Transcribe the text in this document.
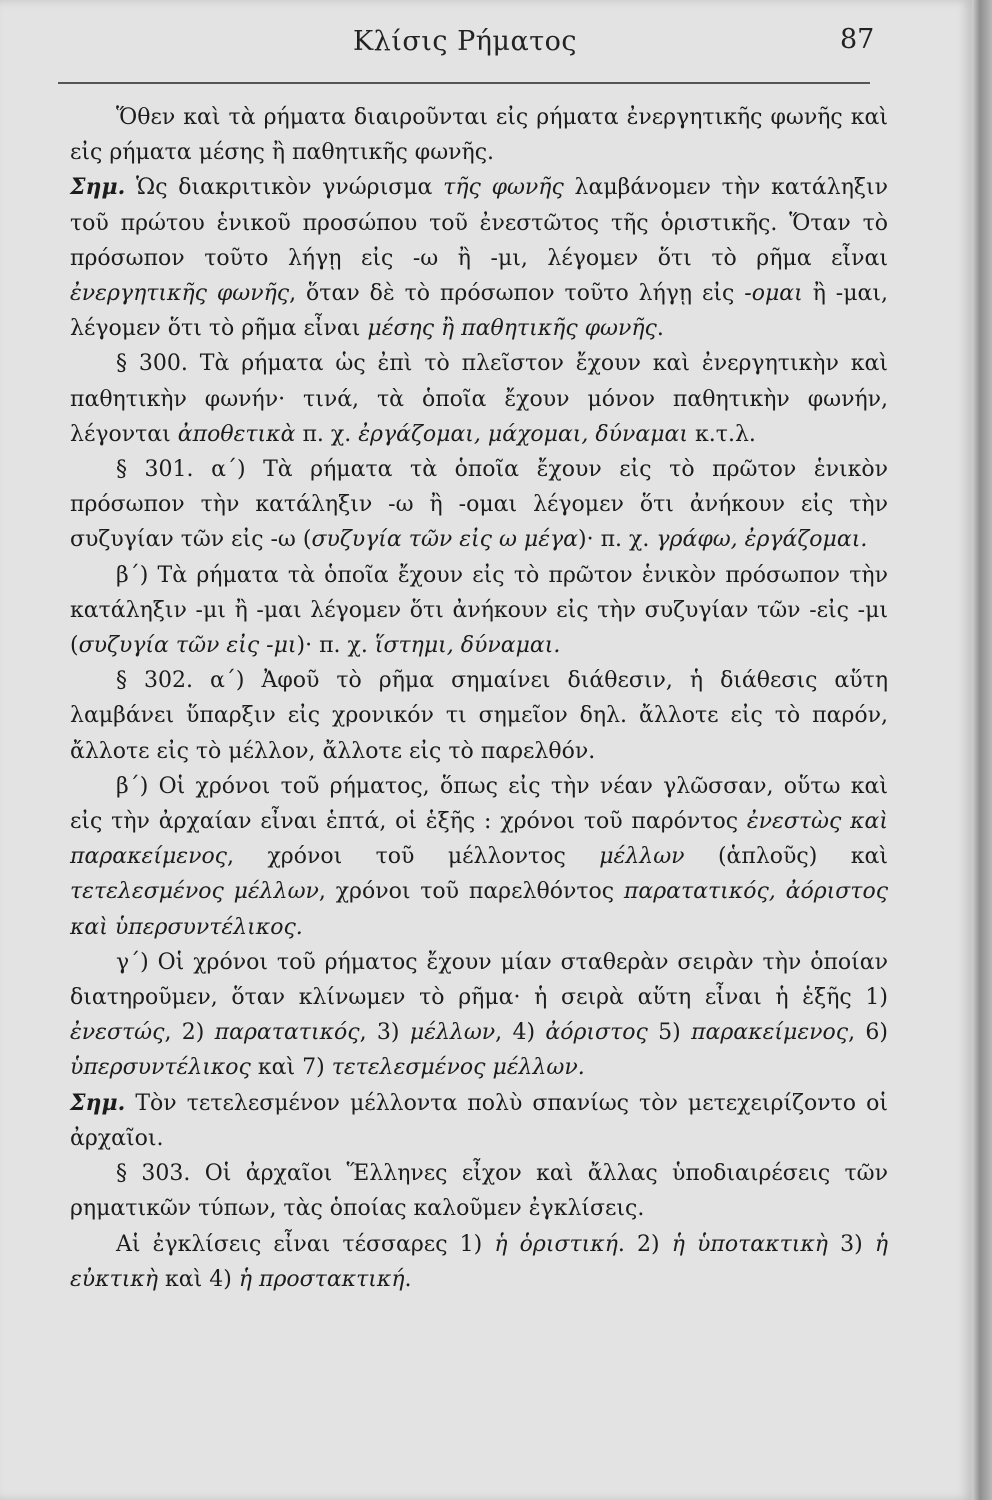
Κλίσις Ρήματος	87

Ὅθεν καὶ τὰ ρήματα διαιροῦνται εἰς ρήματα ἐνεργητικῆς φωνῆς καὶ εἰς ρήματα μέσης ἢ παθητικῆς φωνῆς.

Σημ. Ὡς διακριτικὸν γνώρισμα τῆς φωνῆς λαμβάνομεν τὴν κατάληξιν τοῦ πρώτου ἑνικοῦ προσώπου τοῦ ἐνεστῶτος τῆς ὁριστικῆς. Ὅταν τὸ πρόσωπον τοῦτο λήγῃ εἰς -ω ἢ -μι, λέγομεν ὅτι τὸ ρῆμα εἶναι ἐνεργητικῆς φωνῆς, ὅταν δὲ τὸ πρόσωπον τοῦτο λήγῃ εἰς -ομαι ἢ -μαι, λέγομεν ὅτι τὸ ρῆμα εἶναι μέσης ἢ παθητικῆς φωνῆς.

§ 300. Τὰ ρήματα ὡς ἐπὶ τὸ πλεῖστον ἔχουν καὶ ἐνεργητικὴν καὶ παθητικὴν φωνήν· τινά, τὰ ὁποῖα ἔχουν μόνον παθητικὴν φωνήν, λέγονται ἀποθετικὰ π. χ. ἐργάζομαι, μάχομαι, δύναμαι κ.τ.λ.

§ 301. α΄) Τὰ ρήματα τὰ ὁποῖα ἔχουν εἰς τὸ πρῶτον ἑνικὸν πρόσωπον τὴν κατάληξιν -ω ἢ -ομαι λέγομεν ὅτι ἀνήκουν εἰς τὴν συζυγίαν τῶν εἰς -ω (συζυγία τῶν εἰς ω μέγα)· π. χ. γράφω, ἐργάζομαι.

β΄) Τὰ ρήματα τὰ ὁποῖα ἔχουν εἰς τὸ πρῶτον ἑνικὸν πρόσωπον τὴν κατάληξιν -μι ἢ -μαι λέγομεν ὅτι ἀνήκουν εἰς τὴν συζυγίαν τῶν -εἰς -μι (συζυγία τῶν εἰς -μι)· π. χ. ἵστημι, δύναμαι.

§ 302. α΄) Ἀφοῦ τὸ ρῆμα σημαίνει διάθεσιν, ἡ διάθεσις αὕτη λαμβάνει ὕπαρξιν εἰς χρονικόν τι σημεῖον δηλ. ἄλλοτε εἰς τὸ παρόν, ἄλλοτε εἰς τὸ μέλλον, ἄλλοτε εἰς τὸ παρελθόν.

β΄) Οἱ χρόνοι τοῦ ρήματος, ὅπως εἰς τὴν νέαν γλῶσσαν, οὕτω καὶ εἰς τὴν ἀρχαίαν εἶναι ἑπτά, οἱ ἑξῆς : χρόνοι τοῦ παρόντος ἐνεστὼς καὶ παρακείμενος, χρόνοι τοῦ μέλλοντος μέλλων (ἁπλοῦς) καὶ τετελεσμένος μέλλων, χρόνοι τοῦ παρελθόντος παρατατικός, ἀόριστος καὶ ὑπερσυντέλικος.

γ΄) Οἱ χρόνοι τοῦ ρήματος ἔχουν μίαν σταθερὰν σειρὰν τὴν ὁποίαν διατηροῦμεν, ὅταν κλίνωμεν τὸ ρῆμα· ἡ σειρὰ αὕτη εἶναι ἡ ἑξῆς 1) ἐνεστώς, 2) παρατατικός, 3) μέλλων, 4) ἀόριστος 5) παρακείμενος, 6) ὑπερσυντέλικος καὶ 7) τετελεσμένος μέλλων.

Σημ. Τὸν τετελεσμένον μέλλοντα πολὺ σπανίως τὸν μετεχειρίζοντο οἱ ἀρχαῖοι.

§ 303. Οἱ ἀρχαῖοι Ἕλληνες εἶχον καὶ ἄλλας ὑποδιαιρέσεις τῶν ρηματικῶν τύπων, τὰς ὁποίας καλοῦμεν ἐγκλίσεις.

Αἱ ἐγκλίσεις εἶναι τέσσαρες 1) ἡ ὁριστική. 2) ἡ ὑποτακτικὴ 3) ἡ εὐκτικὴ καὶ 4) ἡ προστακτική.
